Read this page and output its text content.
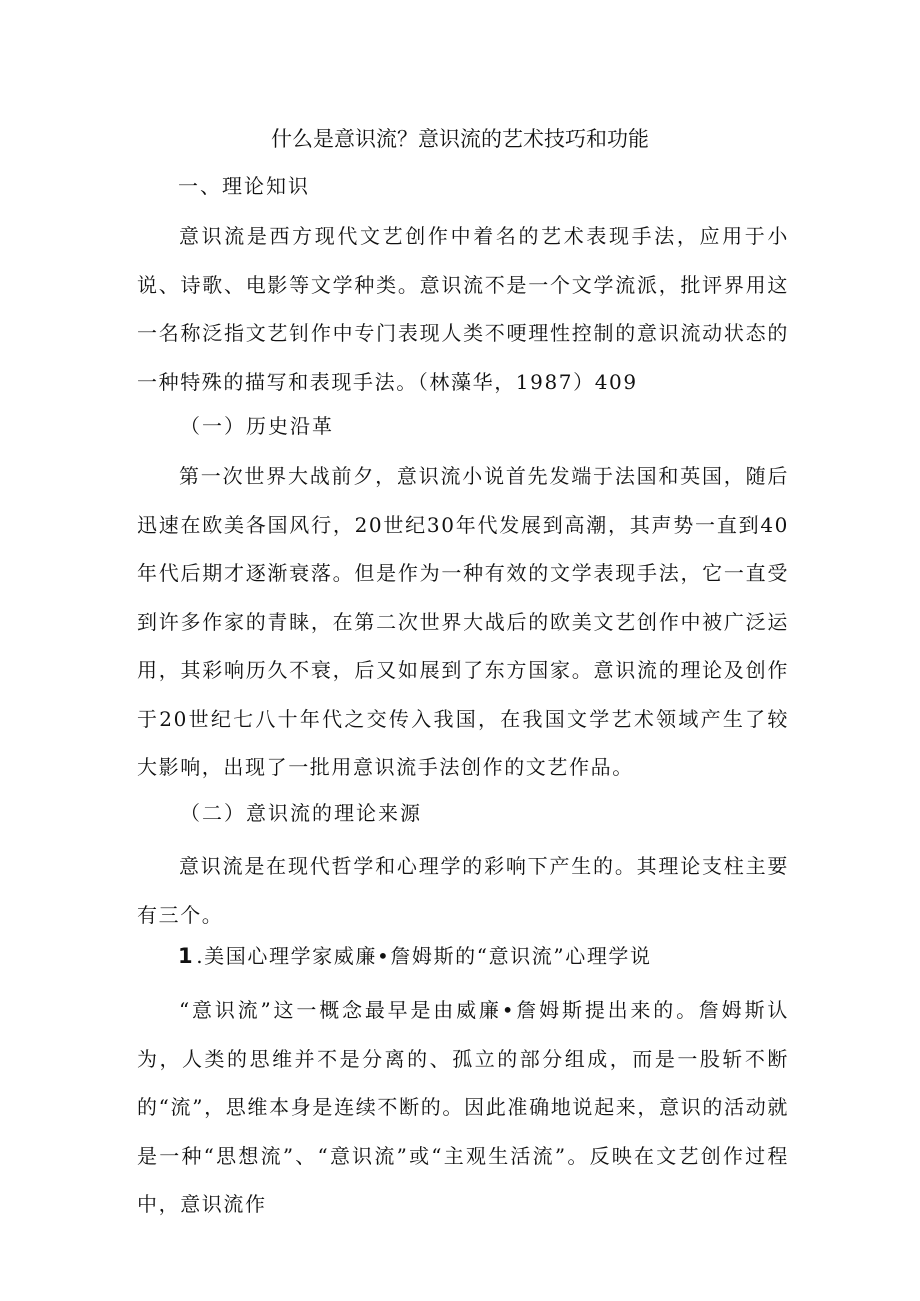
什么是意识流？意识流的艺术技巧和功能
一、理论知识

意识流是西方现代文艺创作中着名的艺术表现手法，应用于小说、诗歌、电影等文学种类。意识流不是一个文学流派，批评界用这一名称泛指文艺钊作中专门表现人类不哽理性控制的意识流动状态的一种特殊的描写和表现手法。（林藻华，1987）409

（一）历史沿革

第一次世界大战前夕，意识流小说首先发端于法国和英国，随后迅速在欧美各国风行，20世纪30年代发展到高潮，其声势一直到40年代后期才逐渐衰落。但是作为一种有效的文学表现手法，它一直受到许多作家的青睐，在第二次世界大战后的欧美文艺创作中被广泛运用，其彩响历久不衰，后又如展到了东方国家。意识流的理论及创作于20世纪七八十年代之交传入我国，在我国文学艺术领域产生了较大影响，出现了一批用意识流手法创作的文艺作品。

（二）意识流的理论来源

意识流是在现代哲学和心理学的彩响下产生的。其理论支柱主要有三个。

1 .美国心理学家威廉•詹姆斯的“意识流”心理学说

“意识流”这一概念最早是由威廉•詹姆斯提出来的。詹姆斯认为，人类的思维并不是分离的、孤立的部分组成，而是一股斩不断的“流”，思维本身是连续不断的。因此准确地说起来，意识的活动就是一种“思想流”、“意识流”或“主观生活流”。反映在文艺创作过程中，意识流作
